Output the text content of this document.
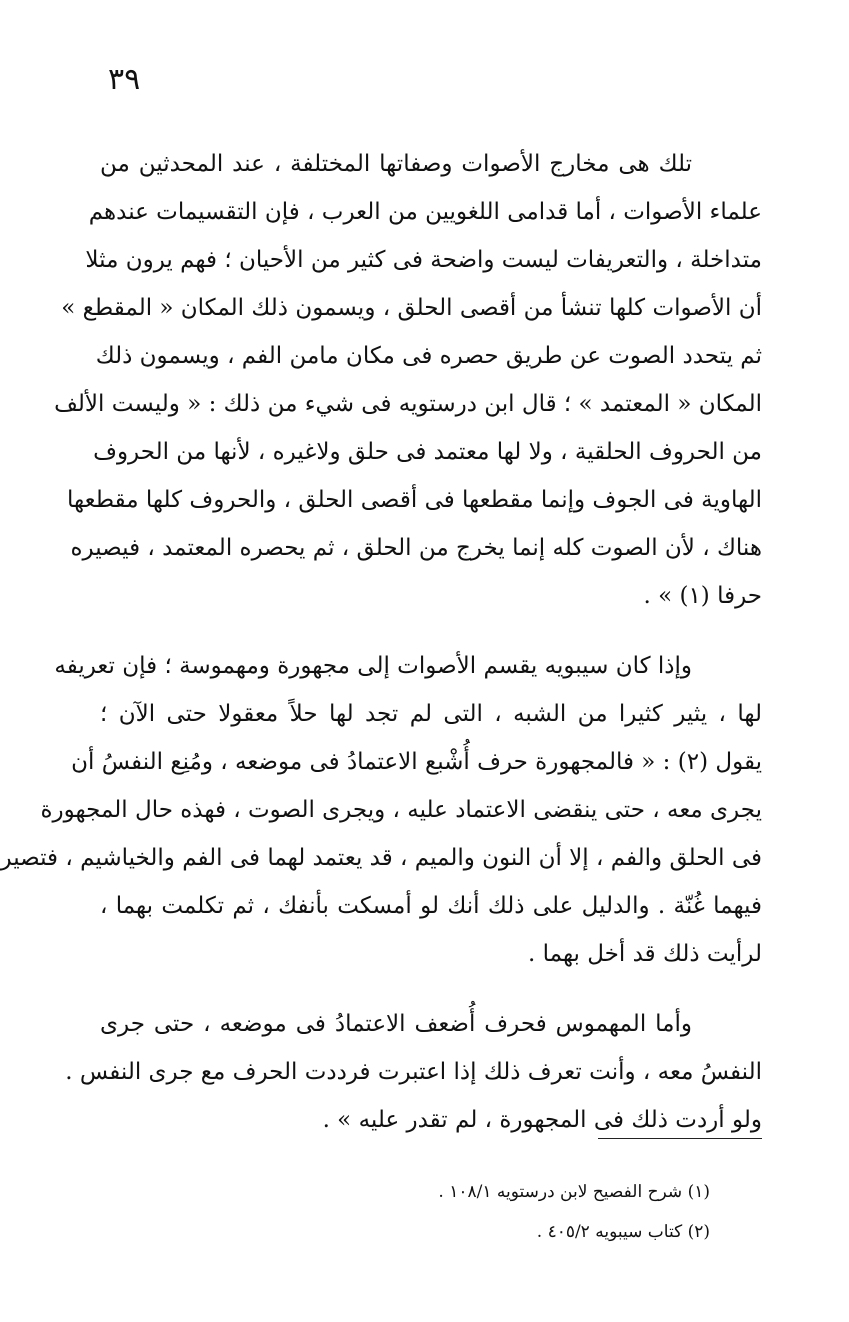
٣٩
تلك هى مخارج الأصوات وصفاتها المختلفة ، عند المحدثين من
علماء الأصوات ، أما قدامى اللغويين من العرب ، فإن التقسيمات عندهم
متداخلة ، والتعريفات ليست واضحة فى كثير من الأحيان ؛ فهم يرون مثلا
أن الأصوات كلها تنشأ من أقصى الحلق ، ويسمون ذلك المكان « المقطع »
ثم يتحدد الصوت عن طريق حصره فى مكان مامن الفم ، ويسمون ذلك
المكان « المعتمد » ؛ قال ابن درستويه فى شيء من ذلك : « وليست الألف
من الحروف الحلقية ، ولا لها معتمد فى حلق ولاغيره ، لأنها من الحروف
الهاوية فى الجوف وإنما مقطعها فى أقصى الحلق ، والحروف كلها مقطعها
هناك ، لأن الصوت كله إنما يخرج من الحلق ، ثم يحصره المعتمد ، فيصيره
حرفا (١) » .
وإذا كان سيبويه يقسم الأصوات إلى مجهورة ومهموسة ؛ فإن تعريفه
لها ، يثير كثيرا من الشبه ، التى لم تجد لها حلاً معقولا حتى الآن ؛
يقول (٢) : « فالمجهورة حرف أُشْبع الاعتمادُ فى موضعه ، ومُنِع النفسُ أن
يجرى معه ، حتى ينقضى الاعتماد عليه ، ويجرى الصوت ، فهذه حال المجهورة
فى الحلق والفم ، إلا أن النون والميم ، قد يعتمد لهما فى الفم والخياشيم ، فتصير
فيهما غُنّة . والدليل على ذلك أنك لو أمسكت بأنفك ، ثم تكلمت بهما ،
لرأيت ذلك قد أخل بهما .
وأما المهموس فحرف أُضعف الاعتمادُ فى موضعه ، حتى جرى
النفسُ معه ، وأنت تعرف ذلك إذا اعتبرت فرددت الحرف مع جرى النفس .
ولو أردت ذلك فى المجهورة ، لم تقدر عليه » .
(١) شرح الفصيح لابن درستويه ١٠٨/١ .
(٢) كتاب سيبويه ٤٠٥/٢ .
